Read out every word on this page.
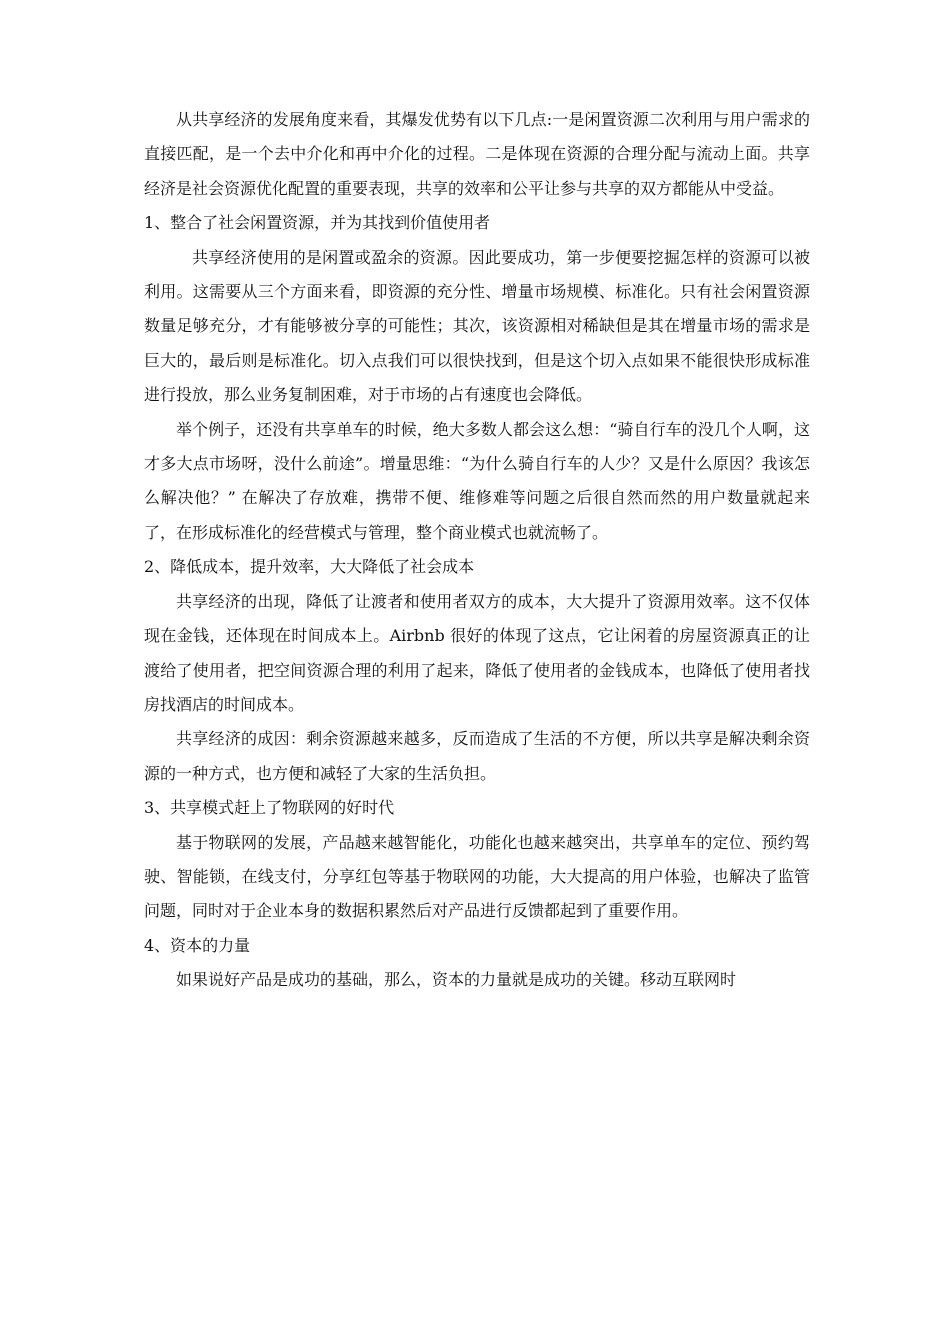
从共享经济的发展角度来看，其爆发优势有以下几点:一是闲置资源二次利用与用户需求的直接匹配，是一个去中介化和再中介化的过程。二是体现在资源的合理分配与流动上面。共享经济是社会资源优化配置的重要表现，共享的效率和公平让参与共享的双方都能从中受益。

1、整合了社会闲置资源，并为其找到价值使用者

共享经济使用的是闲置或盈余的资源。因此要成功，第一步便要挖掘怎样的资源可以被利用。这需要从三个方面来看，即资源的充分性、增量市场规模、标准化。只有社会闲置资源数量足够充分，才有能够被分享的可能性；其次，该资源相对稀缺但是其在增量市场的需求是巨大的，最后则是标准化。切入点我们可以很快找到，但是这个切入点如果不能很快形成标准进行投放，那么业务复制困难，对于市场的占有速度也会降低。

举个例子，还没有共享单车的时候，绝大多数人都会这么想：“骑自行车的没几个人啊，这才多大点市场呀，没什么前途”。增量思维：“为什么骑自行车的人少？又是什么原因？我该怎么解决他？” 在解决了存放难，携带不便、维修难等问题之后很自然而然的用户数量就起来了，在形成标准化的经营模式与管理，整个商业模式也就流畅了。

2、降低成本，提升效率，大大降低了社会成本

共享经济的出现，降低了让渡者和使用者双方的成本，大大提升了资源用效率。这不仅体现在金钱，还体现在时间成本上。Airbnb 很好的体现了这点，它让闲着的房屋资源真正的让渡给了使用者，把空间资源合理的利用了起来，降低了使用者的金钱成本，也降低了使用者找房找酒店的时间成本。

共享经济的成因：剩余资源越来越多，反而造成了生活的不方便，所以共享是解决剩余资源的一种方式，也方便和减轻了大家的生活负担。

3、共享模式赶上了物联网的好时代

基于物联网的发展，产品越来越智能化，功能化也越来越突出，共享单车的定位、预约驾驶、智能锁，在线支付，分享红包等基于物联网的功能，大大提高的用户体验，也解决了监管问题，同时对于企业本身的数据积累然后对产品进行反馈都起到了重要作用。

4、资本的力量

如果说好产品是成功的基础，那么，资本的力量就是成功的关键。移动互联网时
